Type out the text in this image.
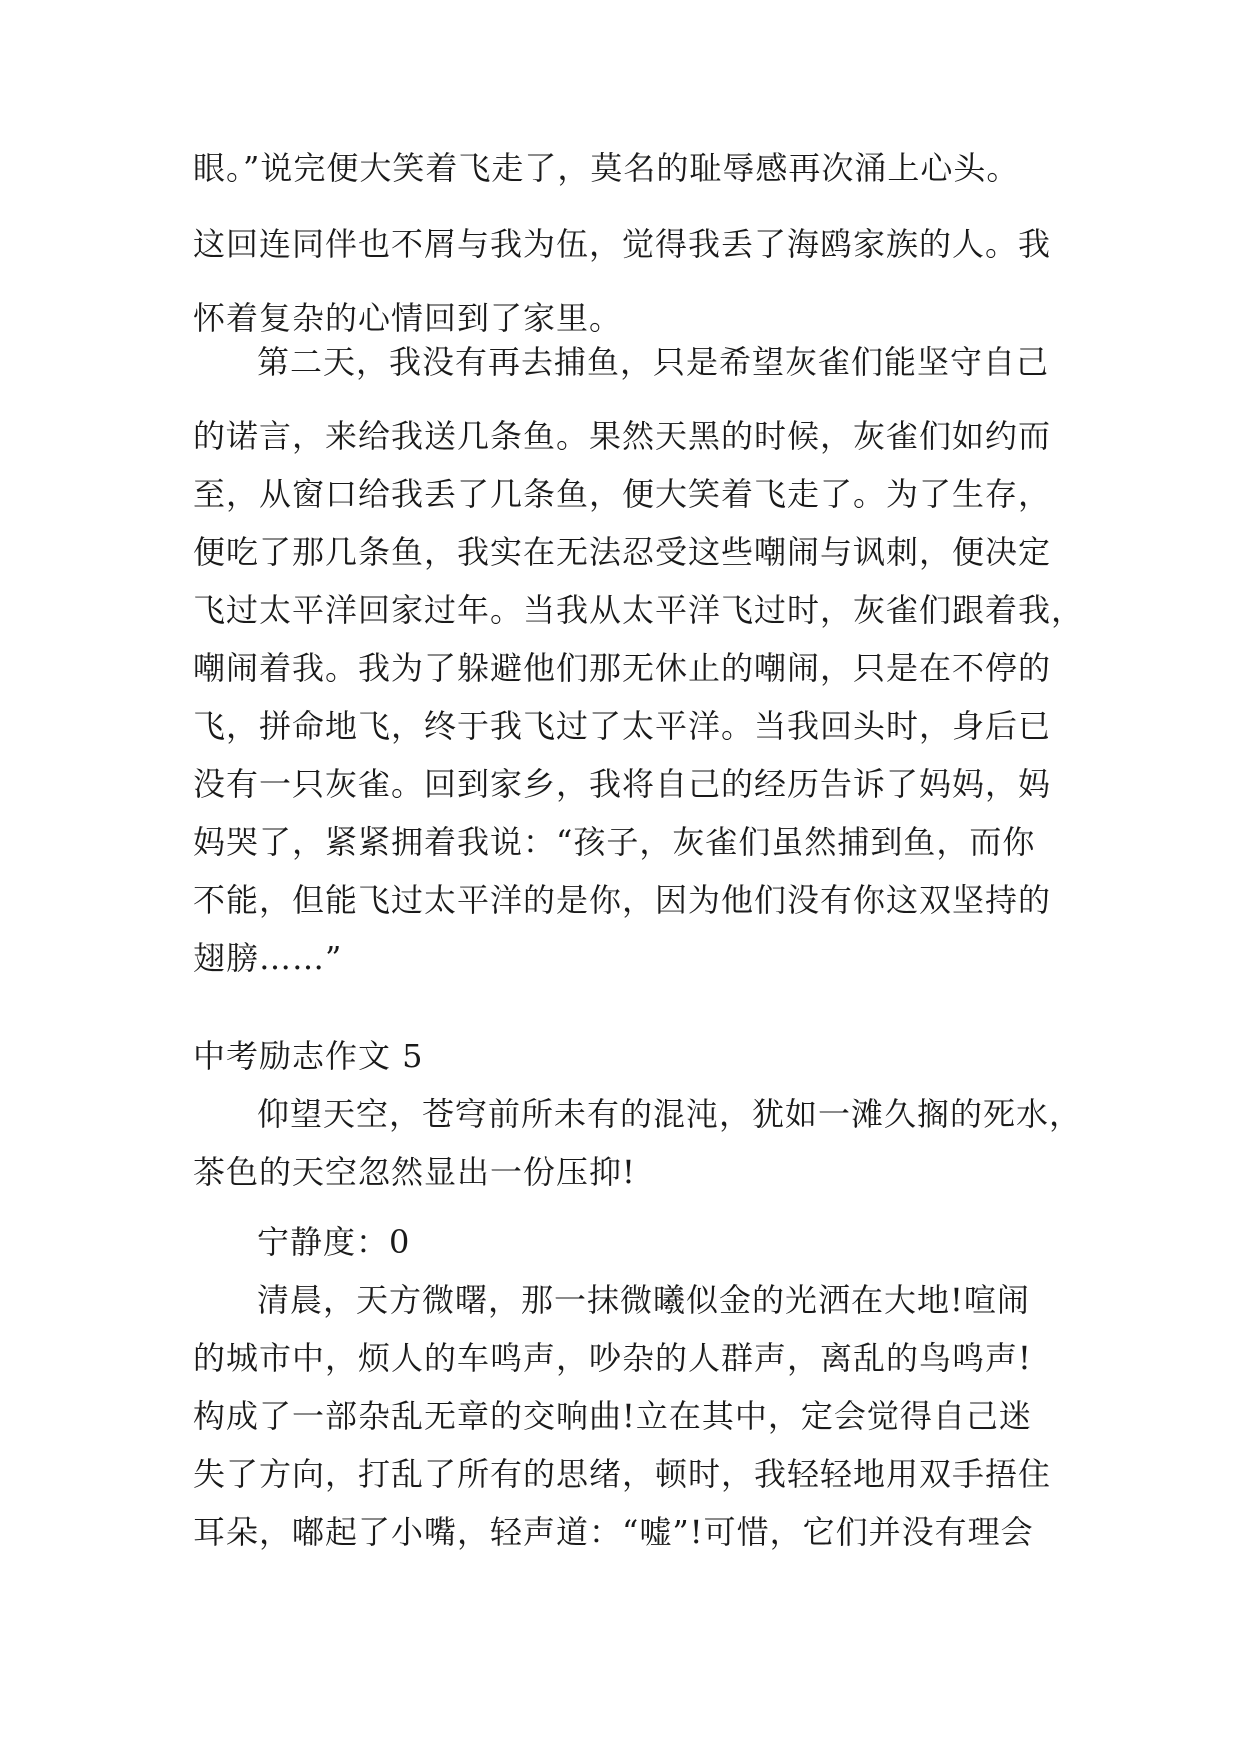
眼。”说完便大笑着飞走了，莫名的耻辱感再次涌上心头。
这回连同伴也不屑与我为伍，觉得我丢了海鸥家族的人。我
怀着复杂的心情回到了家里。
第二天，我没有再去捕鱼，只是希望灰雀们能坚守自己
的诺言，来给我送几条鱼。果然天黑的时候，灰雀们如约而
至，从窗口给我丢了几条鱼，便大笑着飞走了。为了生存，
便吃了那几条鱼，我实在无法忍受这些嘲闹与讽刺，便决定
飞过太平洋回家过年。当我从太平洋飞过时，灰雀们跟着我，
嘲闹着我。我为了躲避他们那无休止的嘲闹，只是在不停的
飞，拼命地飞，终于我飞过了太平洋。当我回头时，身后已
没有一只灰雀。回到家乡，我将自己的经历告诉了妈妈，妈
妈哭了，紧紧拥着我说：“孩子，灰雀们虽然捕到鱼，而你
不能，但能飞过太平洋的是你，因为他们没有你这双坚持的
翅膀……”
中考励志作文 5
仰望天空，苍穹前所未有的混沌，犹如一滩久搁的死水，
茶色的天空忽然显出一份压抑!
宁静度：0
清晨，天方微曙，那一抹微曦似金的光洒在大地!喧闹
的城市中，烦人的车鸣声，吵杂的人群声，离乱的鸟鸣声!
构成了一部杂乱无章的交响曲!立在其中，定会觉得自己迷
失了方向，打乱了所有的思绪，顿时，我轻轻地用双手捂住
耳朵，嘟起了小嘴，轻声道：“嘘”!可惜，它们并没有理会
